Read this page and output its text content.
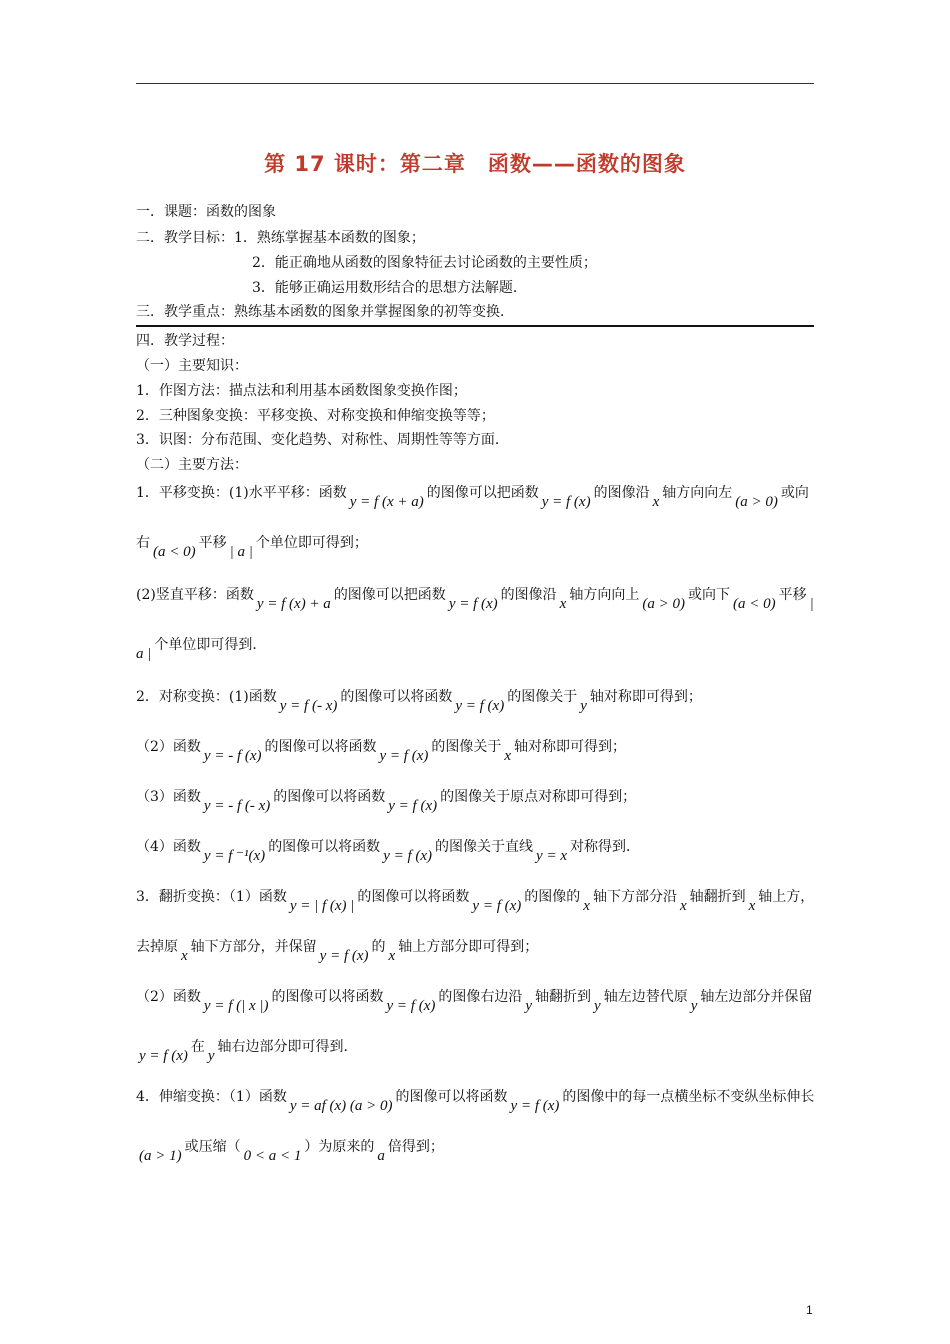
第 17 课时：第二章　函数——函数的图象
一．课题：函数的图象
二．教学目标：1．熟练掌握基本函数的图象；
2．能正确地从函数的图象特征去讨论函数的主要性质；
3．能够正确运用数形结合的思想方法解题．
三．教学重点：熟练基本函数的图象并掌握图象的初等变换．
四．教学过程：
（一）主要知识：
1．作图方法：描点法和利用基本函数图象变换作图；
2．三种图象变换：平移变换、对称变换和伸缩变换等等；
3．识图：分布范围、变化趋势、对称性、周期性等等方面．
（二）主要方法：
1．平移变换：(1)水平平移：函数y = f (x + a)的图像可以把函数y = f (x)的图像沿x轴方向向左(a > 0)或向右(a < 0)平移| a |个单位即可得到；
(2)竖直平移：函数y = f (x) + a的图像可以把函数y = f (x)的图像沿x轴方向向上(a > 0)或向下(a < 0)平移| a |个单位即可得到．
2．对称变换：(1)函数y = f (- x)的图像可以将函数y = f (x)的图像关于y轴对称即可得到；
（2）函数y = - f (x)的图像可以将函数y = f (x)的图像关于x轴对称即可得到；
（3）函数y = - f (- x)的图像可以将函数y = f (x)的图像关于原点对称即可得到；
（4）函数y = f ⁻¹(x)的图像可以将函数y = f (x)的图像关于直线y = x对称得到．
3．翻折变换：（1）函数y = | f (x) |的图像可以将函数y = f (x)的图像的x轴下方部分沿x轴翻折到x轴上方，去掉原x轴下方部分，并保留y = f (x)的x轴上方部分即可得到；
（2）函数y = f (| x |)的图像可以将函数y = f (x)的图像右边沿y轴翻折到y轴左边替代原y轴左边部分并保留y = f (x)在y轴右边部分即可得到．
4．伸缩变换：（1）函数y = af (x) (a > 0)的图像可以将函数y = f (x)的图像中的每一点横坐标不变纵坐标伸长(a > 1)或压缩（0 < a < 1）为原来的a倍得到；
1
